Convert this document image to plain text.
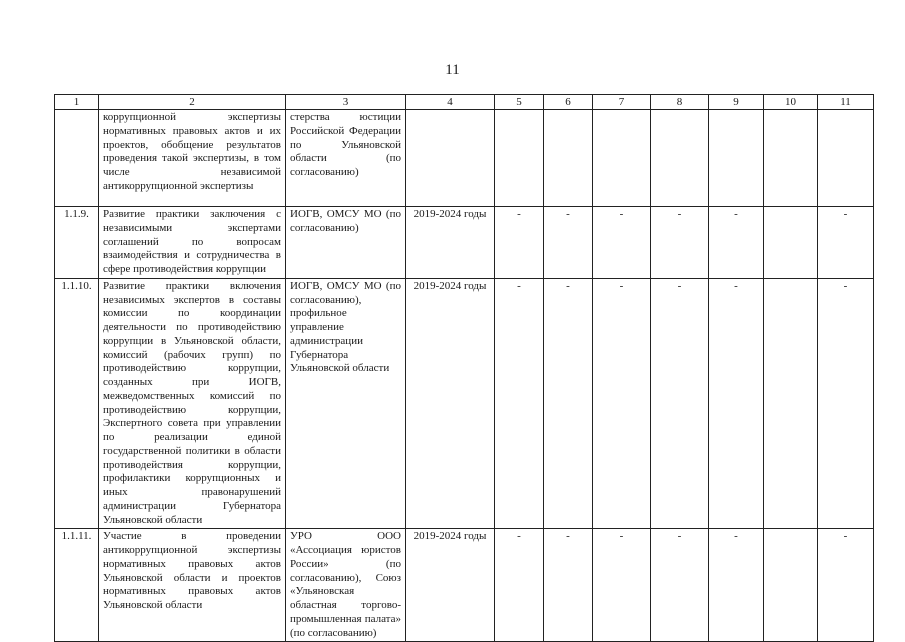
11
1	2	3	4	5	6	7	8	9	10	11
	коррупционной экспертизы нормативных правовых актов и их проектов, обобщение результатов проведения такой экспертизы, в том числе независимой антикоррупционной экспертизы	стерства юстиции Российской Федерации по Ульяновской области (по согласованию)								
1.1.9.	Развитие практики заключения с независимыми экспертами соглашений по вопросам взаимодействия и сотрудничества в сфере противодействия коррупции	ИОГВ, ОМСУ МО (по согласованию)	2019-2024 годы	-	-	-	-	-		-
1.1.10.	Развитие практики включения независимых экспертов в составы комиссии по координации деятельности по противодействию коррупции в Ульяновской области, комиссий (рабочих групп) по противодействию коррупции, созданных при ИОГВ, межведомственных комиссий по противодействию коррупции, Экспертного совета при управлении по реализации единой государственной политики в области противодействия коррупции, профилактики коррупционных и иных правонарушений администрации Губернатора Ульяновской области	ИОГВ, ОМСУ МО (по согласованию), профильное управление администрации Губернатора Ульяновской области	2019-2024 годы	-	-	-	-	-		-
1.1.11.	Участие в проведении антикоррупционной экспертизы нормативных правовых актов Ульяновской области и проектов нормативных правовых актов Ульяновской области	УРО ООО «Ассоциация юристов России» (по согласованию), Союз «Ульяновская областная торгово-промышленная палата» (по согласованию)	2019-2024 годы	-	-	-	-	-		-
